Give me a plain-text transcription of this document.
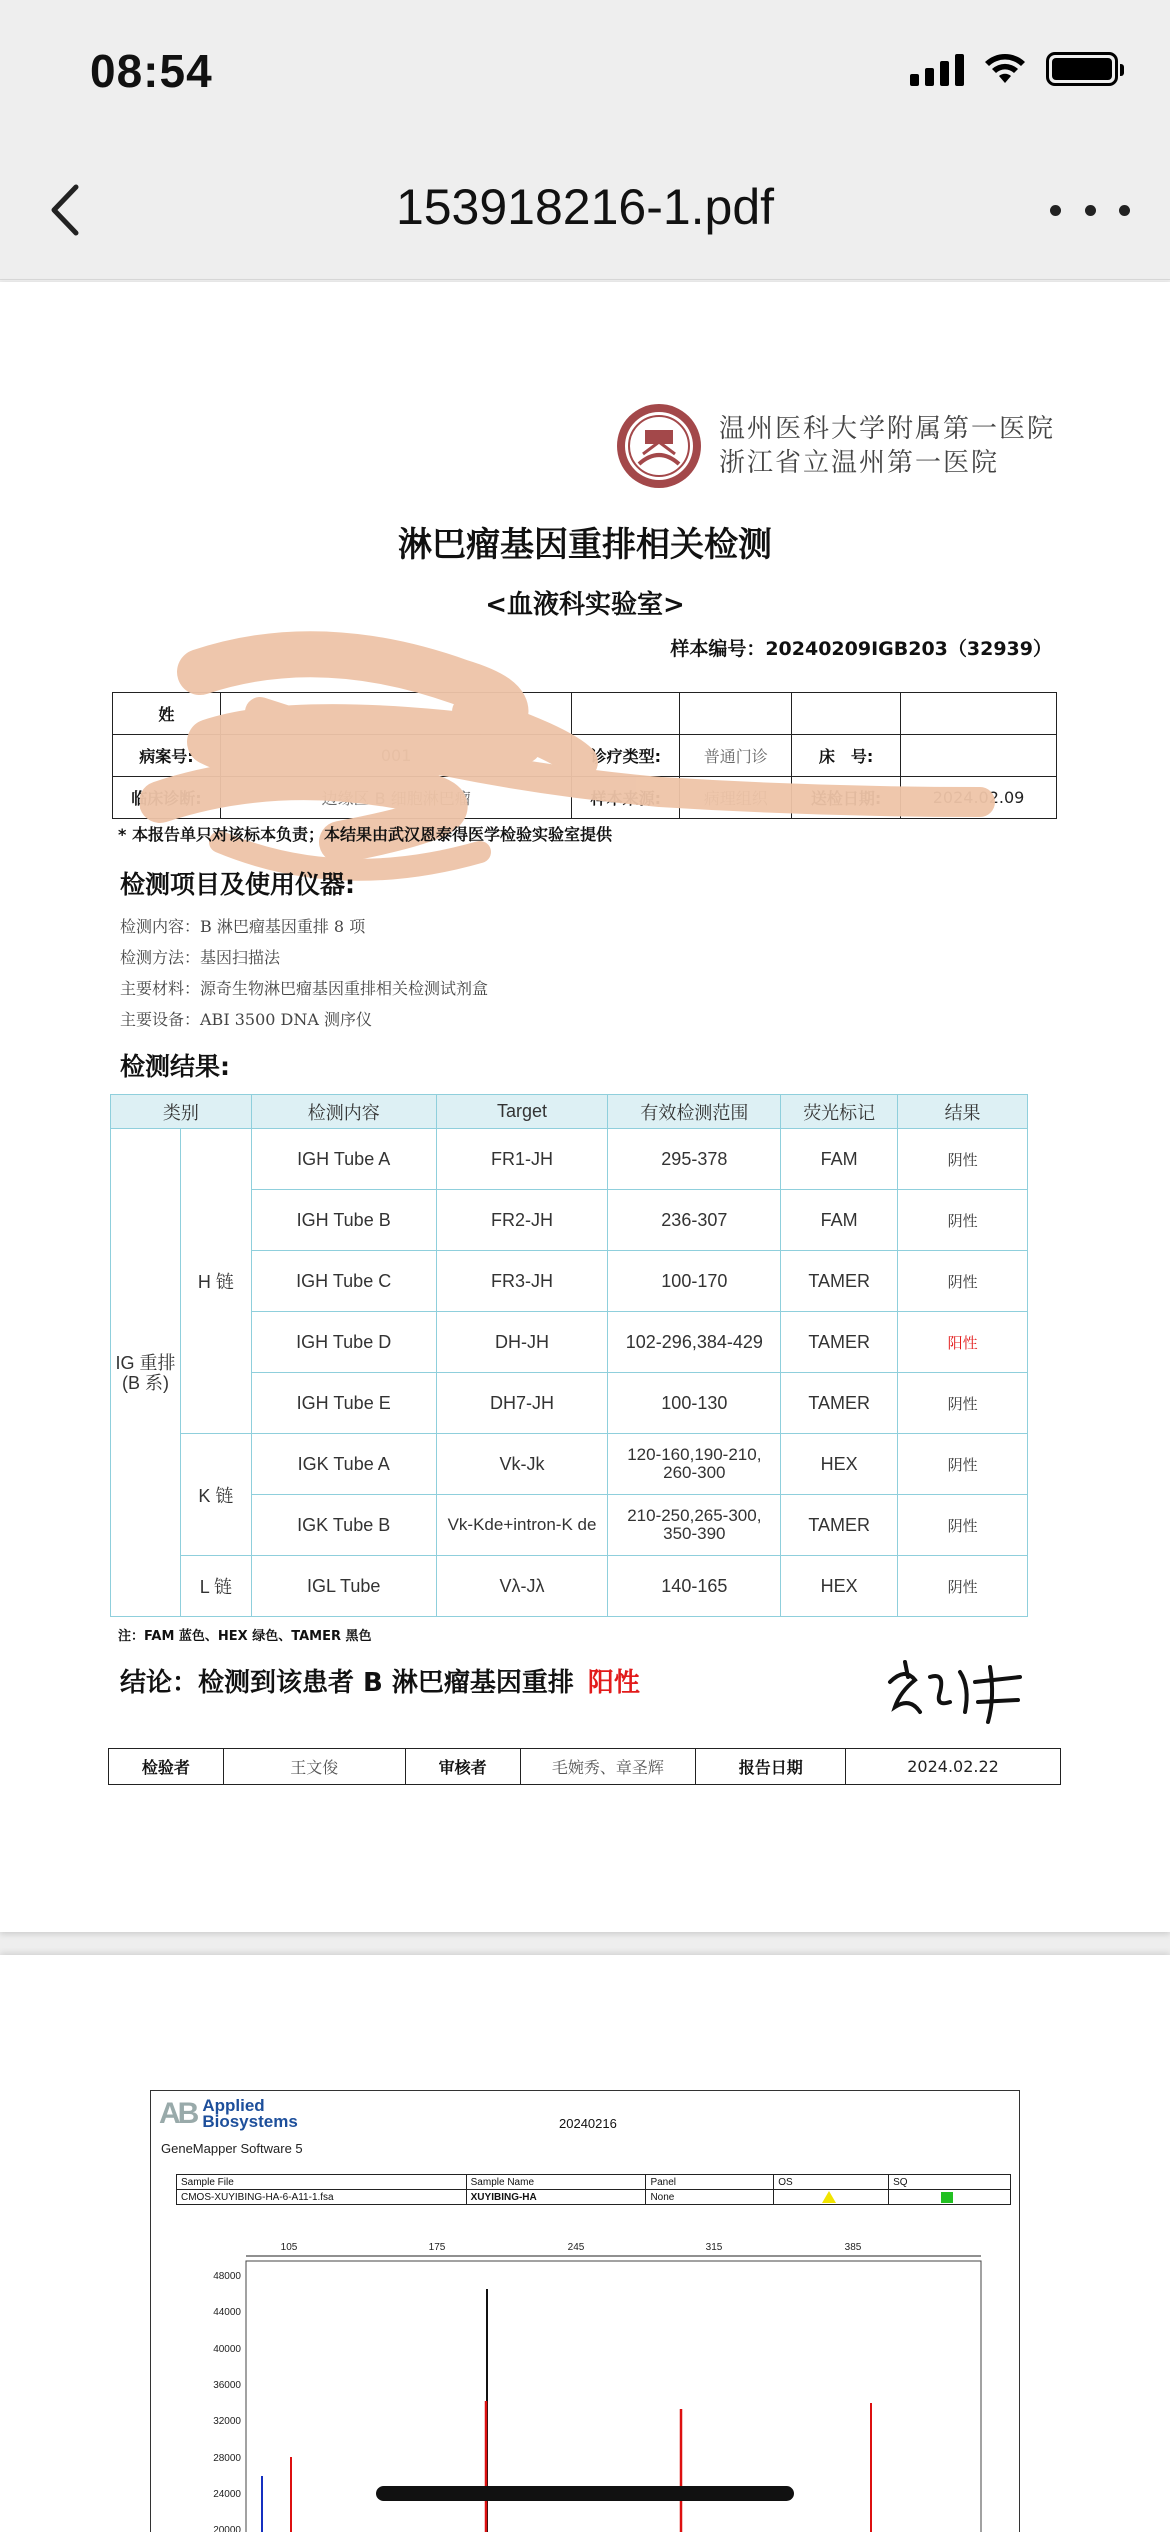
08:54
153918216-1.pdf
温州医科大学附属第一医院
浙江省立温州第一医院
淋巴瘤基因重排相关检测
<血液科实验室>
样本编号：20240209IGB203（32939）
姓					
病案号:	001	诊疗类型:	普通门诊	床　号:	
临床诊断:	边缘区 B 细胞淋巴瘤	样本来源:	病理组织	送检日期:	2024.02.09
* 本报告单只对该标本负责；本结果由武汉恩泰得医学检验实验室提供
检测项目及使用仪器:
检测内容：B 淋巴瘤基因重排 8 项
检测方法：基因扫描法
主要材料：源奇生物淋巴瘤基因重排相关检测试剂盒
主要设备：ABI 3500 DNA 测序仪
检测结果:
类别		检测内容	Target	有效检测范围	荧光标记	结果
IG 重排(B 系)	H 链	IGH Tube A	FR1-JH	295-378	FAM	阴性
		IGH Tube B	FR2-JH	236-307	FAM	阴性
		IGH Tube C	FR3-JH	100-170	TAMER	阴性
		IGH Tube D	DH-JH	102-296,384-429	TAMER	阳性
		IGH Tube E	DH7-JH	100-130	TAMER	阴性
	K 链	IGK Tube A	Vk-Jk	120-160,190-210, 260-300	HEX	阴性
		IGK Tube B	Vk-Kde+intron-K de	210-250,265-300, 350-390	TAMER	阴性
	L 链	IGL Tube	Vλ-Jλ	140-165	HEX	阴性
注：FAM 蓝色、HEX 绿色、TAMER 黑色
结论：检测到该患者 B 淋巴瘤基因重排 阳性
检验者	王文俊	审核者	毛婉秀、章圣辉	报告日期	2024.02.22
AB Applied
Biosystems
GeneMapper Software 5
20240216
Sample File	Sample Name	Panel	OS	SQ
CMOS-XUYIBING-HA-6-A11-1.fsa	XUYIBING-HA	None	

105	175	245	315	385
48000
44000
40000
36000
32000
28000
24000
20000
